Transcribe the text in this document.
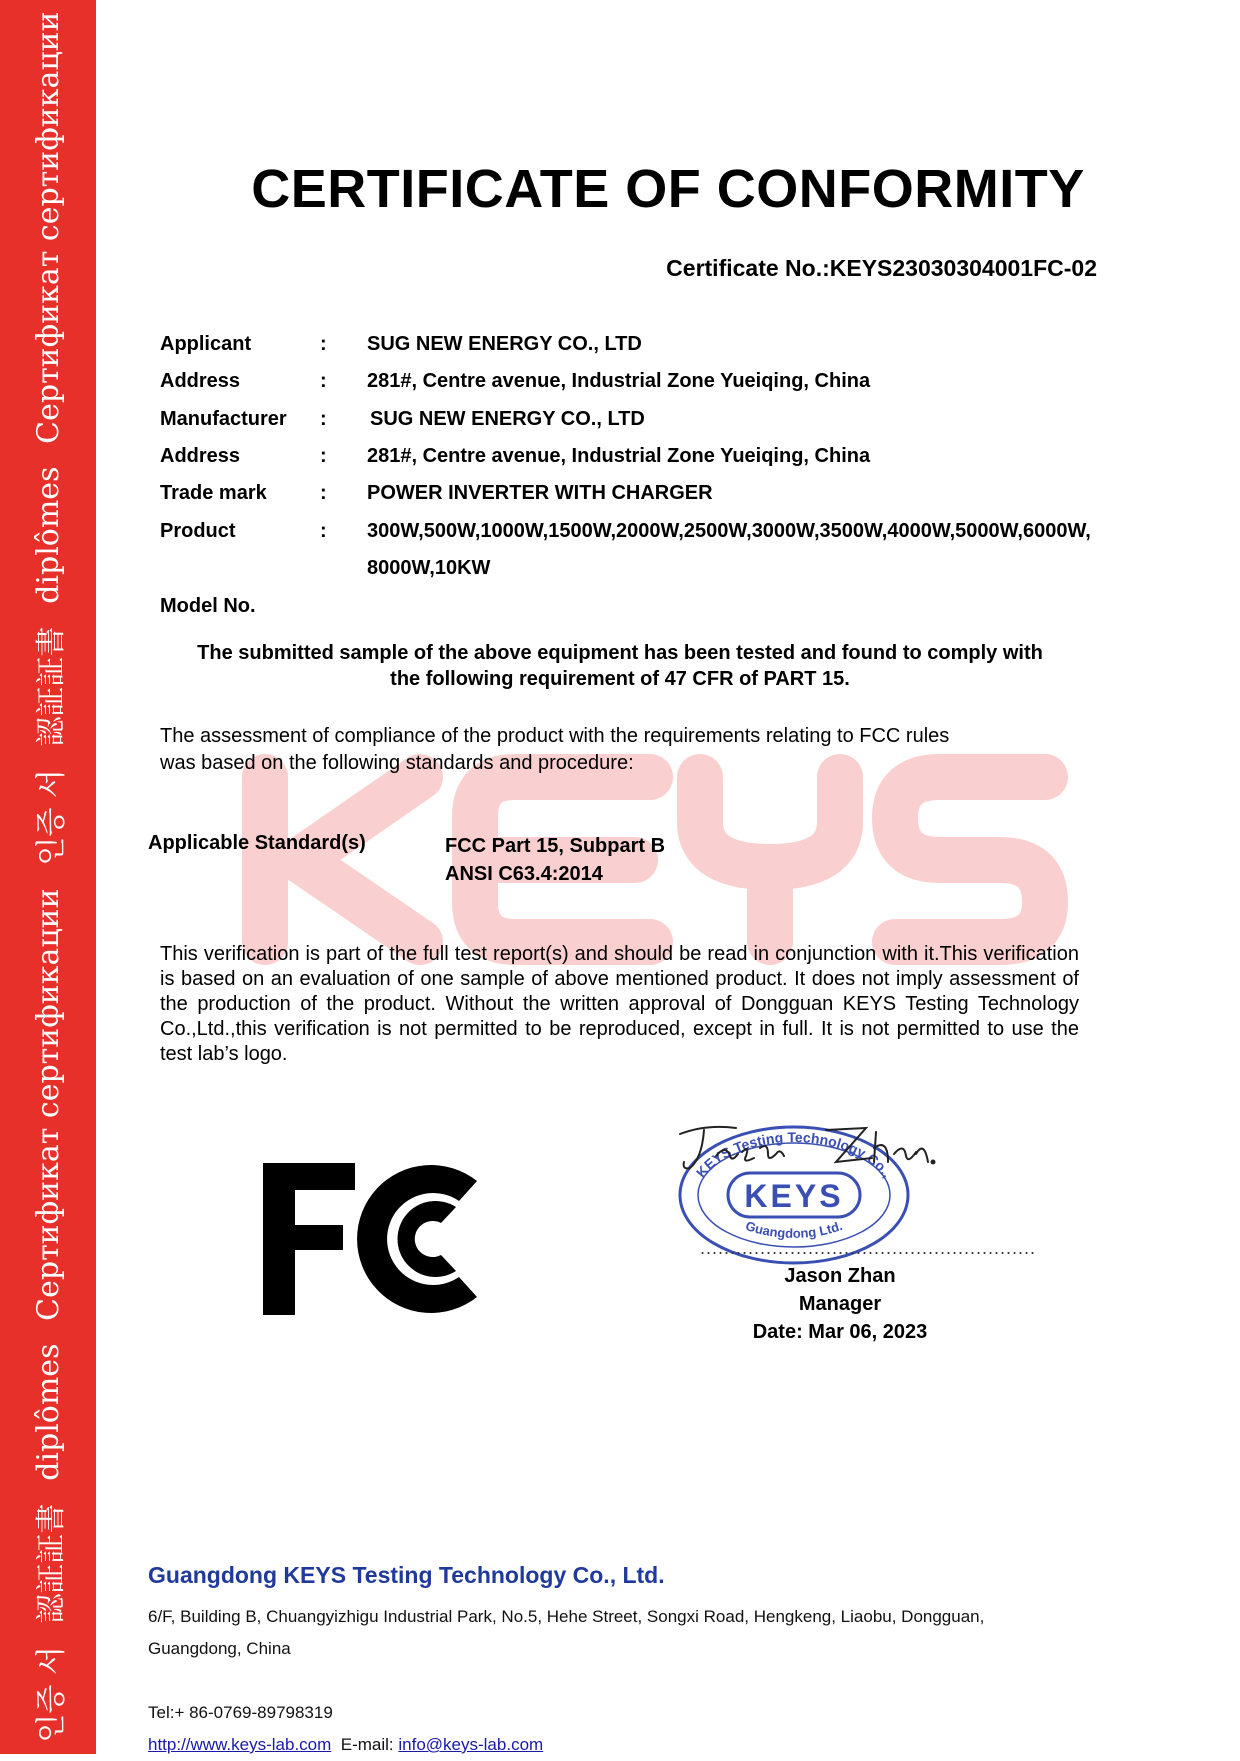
인증 서
認証証書
diplômes
Сертификат сертификации
인증 서
認証証書
diplômes
Сертификат сертификации	CERTIFICATE OF CONFORMITY
Certificate No.:KEYS23030304001FC-02
Applicant	: SUG NEW ENERGY CO., LTD
Address	: 281#, Centre avenue, Industrial Zone Yueiqing, China
Manufacturer : SUG NEW ENERGY CO., LTD
Address	: 281#, Centre avenue, Industrial Zone Yueiqing, China
Trade mark	: POWER INVERTER WITH CHARGER
Product	: 300W,500W,1000W,1500W,2000W,2500W,3000W,3500W,4000W,5000W,6000W,
8000W,10KW
Model No.
The submitted sample of the above equipment has been tested and found to comply with
the following requirement of 47 CFR of PART 15.
The assessment of compliance of the product with the requirements relating to FCC rules
was based on the following standards and procedure:
Applicable Standard(s)	FCC Part 15, Subpart B
ANSI C63.4:2014
This verification is part of the full test report(s) and should be read in conjunction with it.This verification is based on an evaluation of one sample of above mentioned product. It does not imply assessment of the production of the product. Without the written approval of Dongguan KEYS Testing Technology Co.,Ltd.,this verification is not permitted to be reproduced, except in full. It is not permitted to use the test lab’s logo.
KEYS
KEYS Testing Technology Co.,
Guangdong Ltd.
........................................................
Jason Zhan
Manager
Date: Mar 06, 2023
Guangdong KEYS Testing Technology Co., Ltd.
6/F, Building B, Chuangyizhigu Industrial Park, No.5, Hehe Street, Songxi Road, Hengkeng, Liaobu, Dongguan,
Guangdong, China
Tel:+ 86-0769-89798319
http://www.keys-lab.com E-mail: info@keys-lab.com
